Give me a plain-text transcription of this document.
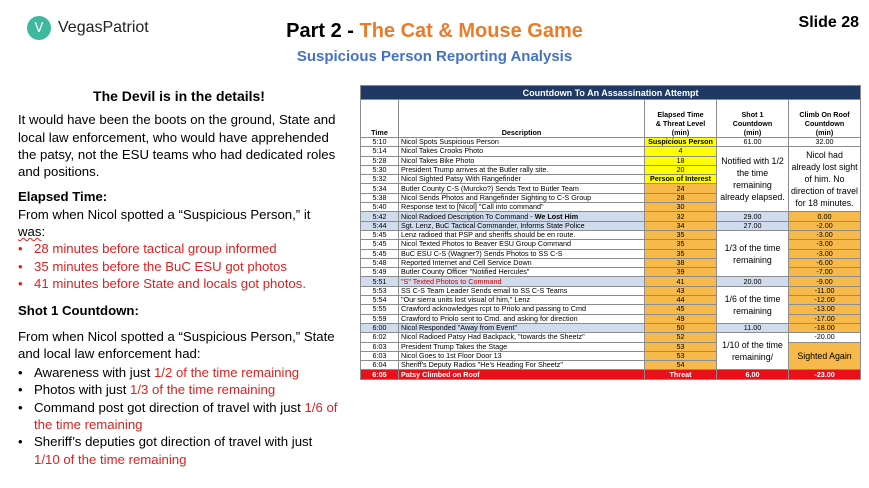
V VegasPatriot	Slide 28
Part 2 - The Cat & Mouse Game
Suspicious Person Reporting Analysis
The Devil is in the details!

It would have been the boots on the ground, State and local law enforcement, who would have apprehended the patsy, not the ESU teams who had dedicated roles and positions.

Elapsed Time:
From when Nicol spotted a “Suspicious Person,” it was:
• 28 minutes before tactical group informed
• 35 minutes before the BuC ESU got photos
• 41 minutes before State and locals got photos.
Shot 1 Countdown:
From when Nicol spotted a “Suspicious Person,” State and local law enforcement had:
• Awareness with just 1/2 of the time remaining
• Photos with just 1/3 of the time remaining
• Command post got direction of travel with just 1/6 of the time remaining
• Sheriff’s deputies got direction of travel with just 1/10 of the time remaining
Countdown To An Assassination Attempt				
Time	Description	Elapsed Time
& Threat Level
(min)	Shot 1
Countdown
(min)	Climb On Roof
Countdown
(min)
5:10	Nicol Spots Suspicious Person	Suspicious Person	61.00	32.00
5:14	Nicol Takes Crooks Photo	4	Notified with 1/2 the time remaining already elapsed.	Nicol had already lost sight of him. No direction of travel for 18 minutes.
5:28	Nicol Takes Bike Photo	18		
5:30	President Trump arrives at the Butler rally site.	20		
5:32	Nicol Sighted Patsy With Rangefinder	Person of Interest		
5:34	Butler County C-S (Murcko?) Sends Text to Butler Team	24		
5:38	Nicol Sends Photos and Rangefinder Sighting to C-S Group	28		
5:40	Response text to [Nicol] "Call into command"	30		
5:42	Nicol Radioed Description To Command - We Lost Him	32	29.00	0.00
5:44	Sgt. Lenz, BuC Tactical Commander, Informs State Police	34	27.00	-2.00
5:45	Lenz radioed that PSP and sheriffs should be en route.	35	1/3 of the time remaining	-3.00
5:45	Nicol Texted Photos to Beaver ESU Group Command	35		-3.00
5:45	BuC ESU C-S (Wagner?) Sends Photos to SS C-S	35		-3.00
5:48	Reported Internet and Cell Service Down	38		-6.00
5:49	Butler County Officer "Notified Hercules"	39		-7.00
5:51	"S" Texted Photos to Command	41	20.00	-9.00
5:53	SS C-S Team Leader Sends email to SS C-S Teams	43	1/6 of the time remaining	-11.00
5:54	"Our sierra units lost visual of him," Lenz	44		-12.00
5:55	Crawford acknowledges rcpt to Priolo and passing to Cmd	45		-13.00
5:59	Crawford to Priolo sent to Cmd. and asking for direction	49		-17.00
6:00	Nicol Responded "Away from Event"	50	11.00	-18.00
6:02	Nicol Radioed Patsy Had Backpack, "towards the Sheetz"	52	1/10 of the time remaining/	-20.00
6:03	President Trump Takes the Stage	53		Sighted Again
6:03	Nicol Goes to 1st Floor Door 13	53		
6:04	Sheriff's Deputy Radios "He's Heading For Sheetz"	54		
6:05	Patsy Climbed on Roof	Threat	6.00	-23.00
